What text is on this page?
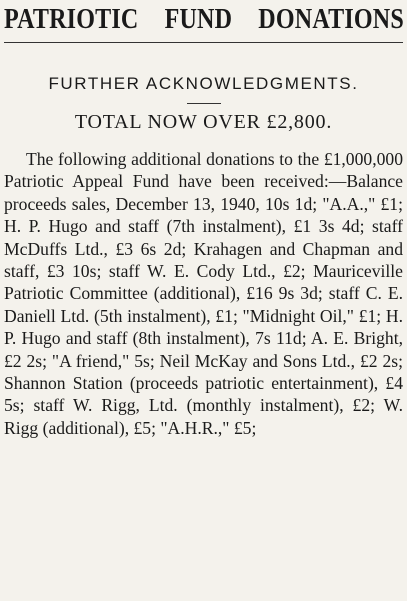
PATRIOTIC FUND DONATIONS
FURTHER ACKNOWLEDGMENTS.
TOTAL NOW OVER £2,800.

The following additional donations to the £1,000,000 Patriotic Appeal Fund have been received:—Balance proceeds sales, December 13, 1940, 10s 1d; "A.A.," £1; H. P. Hugo and staff (7th instalment), £1 3s 4d; staff McDuffs Ltd., £3 6s 2d; Krahagen and Chapman and staff, £3 10s; staff W. E. Cody Ltd., £2; Mauriceville Patriotic Committee (additional), £16 9s 3d; staff C. E. Daniell Ltd. (5th instalment), £1; "Midnight Oil," £1; H. P. Hugo and staff (8th instalment), 7s 11d; A. E. Bright, £2 2s; "A friend," 5s; Neil McKay and Sons Ltd., £2 2s; Shannon Station (proceeds patriotic entertainment), £4 5s; staff W. Rigg, Ltd. (monthly instalment), £2; W. Rigg (additional), £5; "A.H.R.," £5;
